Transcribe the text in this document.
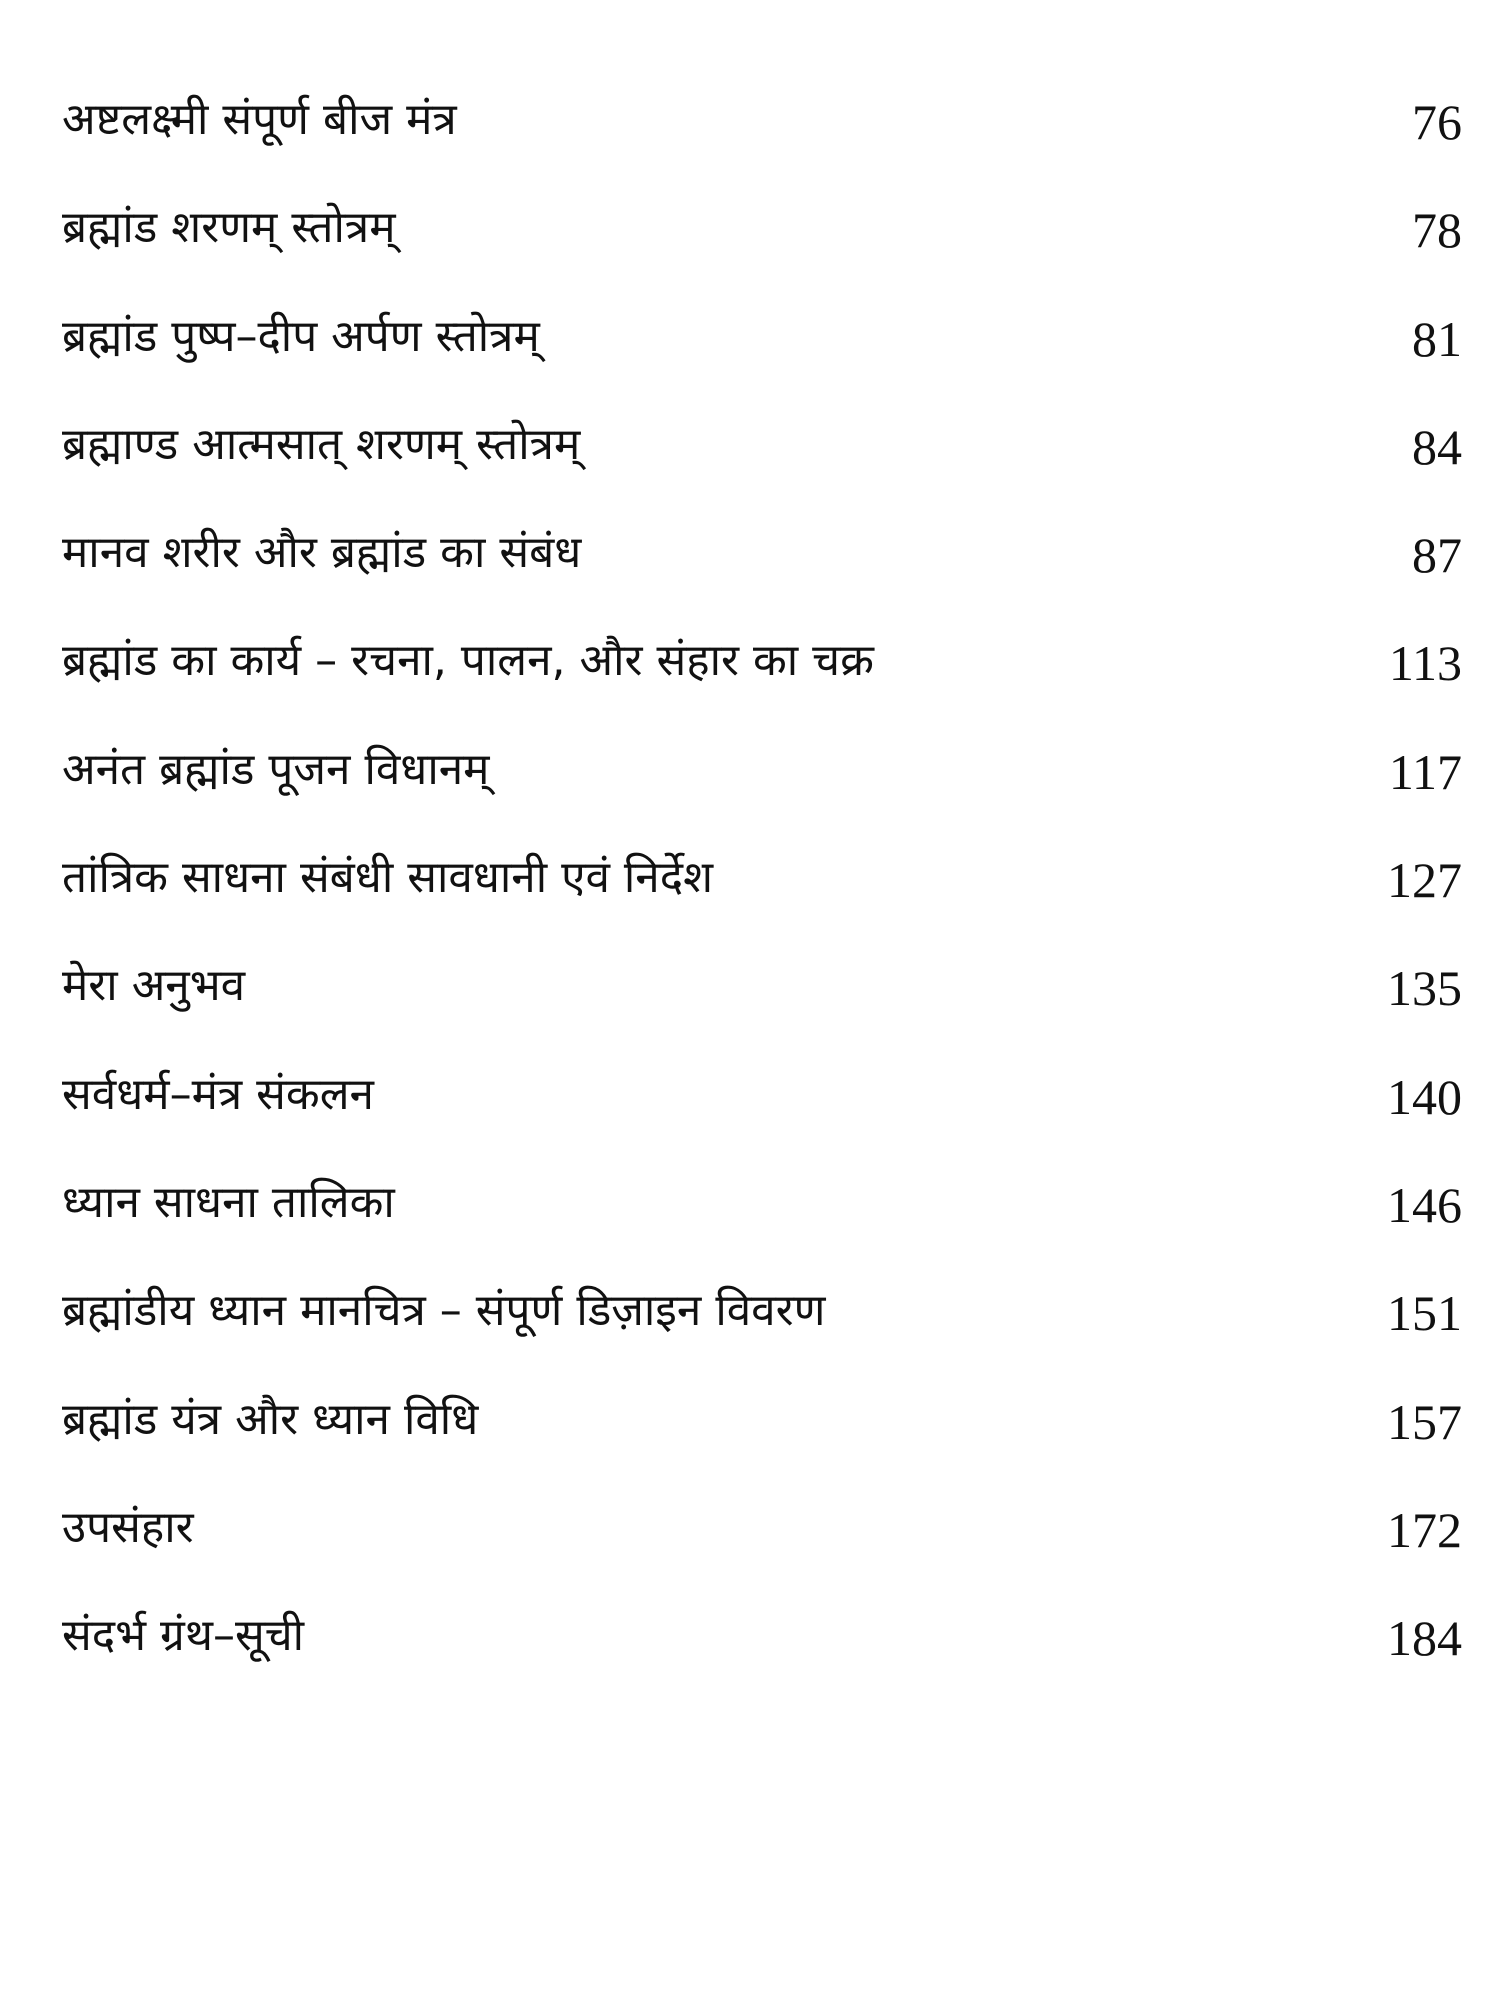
अष्टलक्ष्मी संपूर्ण बीज मंत्र	76
ब्रह्मांड शरणम् स्तोत्रम्	78
ब्रह्मांड पुष्प–दीप अर्पण स्तोत्रम्	81
ब्रह्माण्ड आत्मसात् शरणम् स्तोत्रम्	84
मानव शरीर और ब्रह्मांड का संबंध	87
ब्रह्मांड का कार्य – रचना, पालन, और संहार का चक्र	113
अनंत ब्रह्मांड पूजन विधानम्	117
तांत्रिक साधना संबंधी सावधानी एवं निर्देश	127
मेरा अनुभव	135
सर्वधर्म–मंत्र संकलन	140
ध्यान साधना तालिका	146
ब्रह्मांडीय ध्यान मानचित्र – संपूर्ण डिज़ाइन विवरण	151
ब्रह्मांड यंत्र और ध्यान विधि	157
उपसंहार	172
संदर्भ ग्रंथ–सूची	184
